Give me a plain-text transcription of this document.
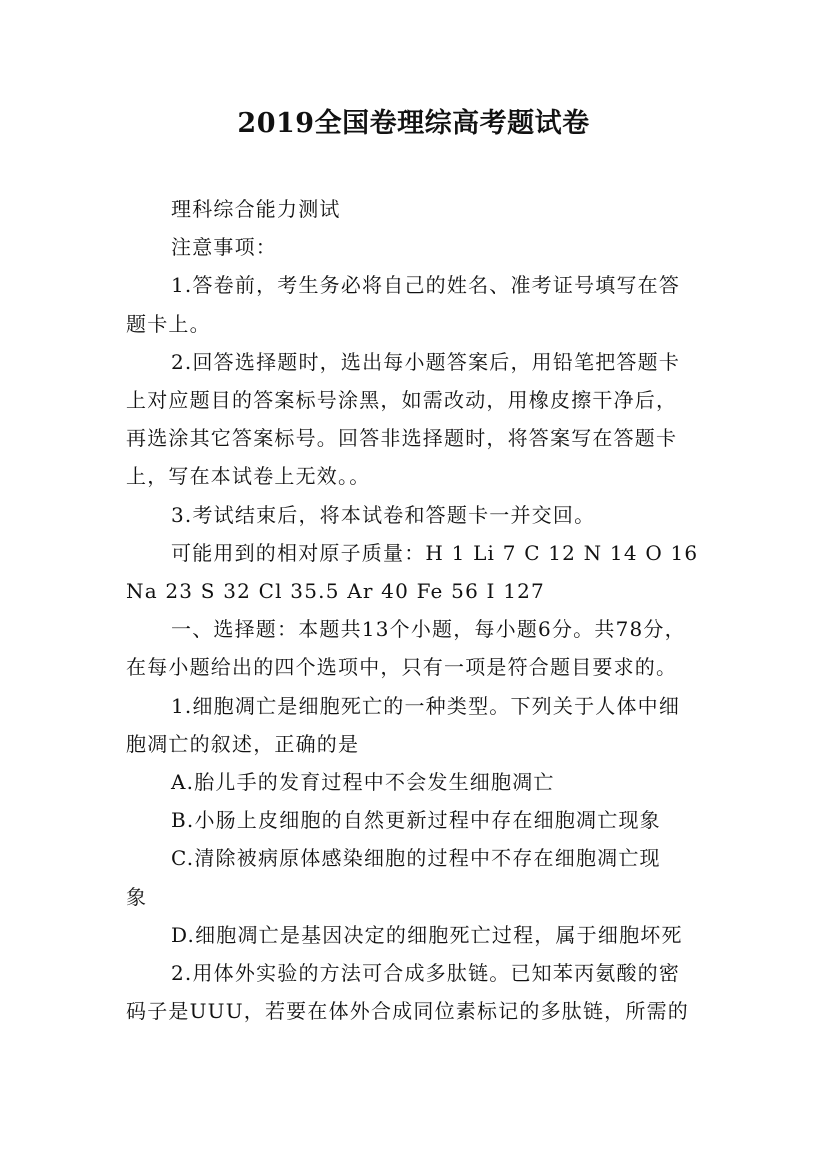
2019全国卷理综高考题试卷
理科综合能力测试
注意事项：
1.答卷前，考生务必将自己的姓名、准考证号填写在答
题卡上。
2.回答选择题时，选出每小题答案后，用铅笔把答题卡
上对应题目的答案标号涂黑，如需改动，用橡皮擦干净后，
再选涂其它答案标号。回答非选择题时，将答案写在答题卡
上，写在本试卷上无效。。
3.考试结束后，将本试卷和答题卡一并交回。
可能用到的相对原子质量：H 1 Li 7 C 12 N 14 O 16
Na 23 S 32 Cl 35.5 Ar 40 Fe 56 I 127
一、选择题：本题共13个小题，每小题6分。共78分，
在每小题给出的四个选项中，只有一项是符合题目要求的。
1.细胞凋亡是细胞死亡的一种类型。下列关于人体中细
胞凋亡的叙述，正确的是
A.胎儿手的发育过程中不会发生细胞凋亡
B.小肠上皮细胞的自然更新过程中存在细胞凋亡现象
C.清除被病原体感染细胞的过程中不存在细胞凋亡现
象
D.细胞凋亡是基因决定的细胞死亡过程，属于细胞坏死
2.用体外实验的方法可合成多肽链。已知苯丙氨酸的密
码子是UUU，若要在体外合成同位素标记的多肽链，所需的
